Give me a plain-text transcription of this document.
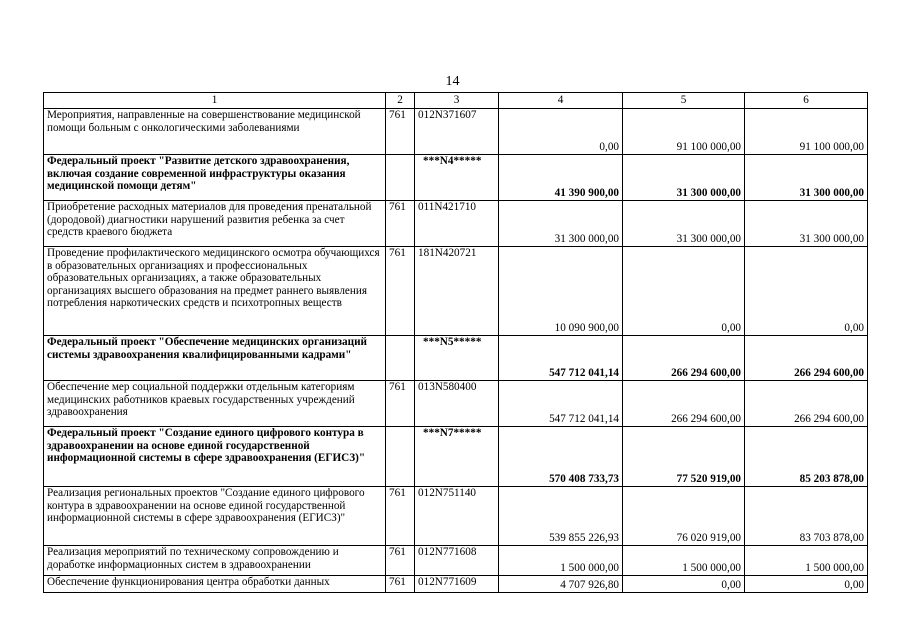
14
1	2	3	4	5	6
Мероприятия, направленные на совершенствование медицинской помощи больным с онкологическими заболеваниями	761	012N371607	0,00	91 100 000,00	91 100 000,00
Федеральный проект "Развитие детского здравоохранения, включая создание современной инфраструктуры оказания медицинской помощи детям"		***N4*****	41 390 900,00	31 300 000,00	31 300 000,00
Приобретение расходных материалов для проведения пренатальной (дородовой) диагностики нарушений развития ребенка за счет средств краевого бюджета	761	011N421710	31 300 000,00	31 300 000,00	31 300 000,00
Проведение профилактического медицинского осмотра обучающихся в образовательных организациях и профессиональных образовательных организациях, а также образовательных организациях высшего образования на предмет раннего выявления потребления наркотических средств и психотропных веществ	761	181N420721	10 090 900,00	0,00	0,00
Федеральный проект "Обеспечение медицинских организаций системы здравоохранения квалифицированными кадрами"		***N5*****	547 712 041,14	266 294 600,00	266 294 600,00
Обеспечение мер социальной поддержки отдельным категориям медицинских работников краевых государственных учреждений здравоохранения	761	013N580400	547 712 041,14	266 294 600,00	266 294 600,00
Федеральный проект "Создание единого цифрового контура в здравоохранении на основе единой государственной информационной системы в сфере здравоохранения (ЕГИСЗ)"		***N7*****	570 408 733,73	77 520 919,00	85 203 878,00
Реализация региональных проектов "Создание единого цифрового контура в здравоохранении на основе единой государственной информационной системы в сфере здравоохранения (ЕГИСЗ)"	761	012N751140	539 855 226,93	76 020 919,00	83 703 878,00
Реализация мероприятий по техническому сопровождению и доработке информационных систем в здравоохранении	761	012N771608	1 500 000,00	1 500 000,00	1 500 000,00
Обеспечение функционирования центра обработки данных	761	012N771609	4 707 926,80	0,00	0,00
